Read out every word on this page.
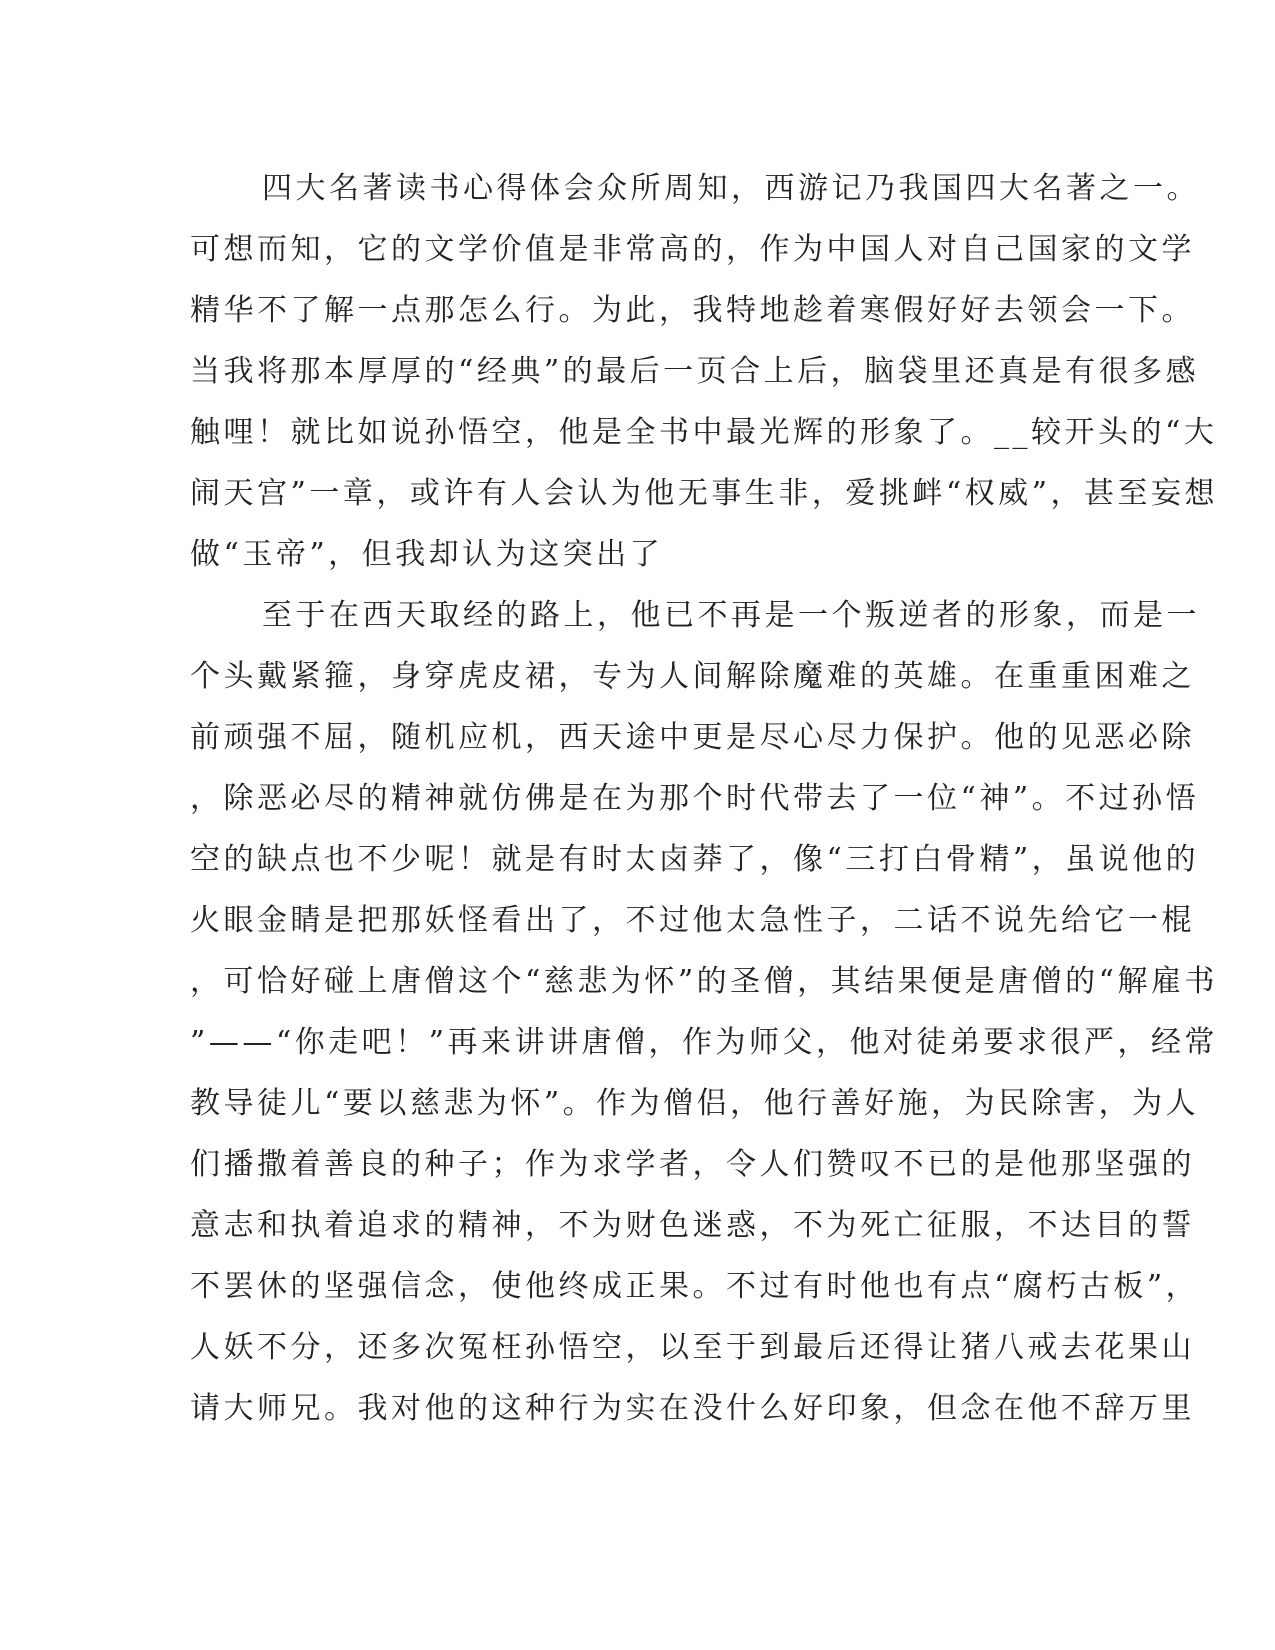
四大名著读书心得体会众所周知，西游记乃我国四大名著之一。
可想而知，它的文学价值是非常高的，作为中国人对自己国家的文学
精华不了解一点那怎么行。为此，我特地趁着寒假好好去领会一下。
当我将那本厚厚的“经典”的最后一页合上后，脑袋里还真是有很多感
触哩！就比如说孙悟空，他是全书中最光辉的形象了。__较开头的“大
闹天宫”一章，或许有人会认为他无事生非，爱挑衅“权威”，甚至妄想
做“玉帝”，但我却认为这突出了
至于在西天取经的路上，他已不再是一个叛逆者的形象，而是一
个头戴紧箍，身穿虎皮裙，专为人间解除魔难的英雄。在重重困难之
前顽强不屈，随机应机，西天途中更是尽心尽力保护。他的见恶必除
，除恶必尽的精神就仿佛是在为那个时代带去了一位“神”。不过孙悟
空的缺点也不少呢！就是有时太卤莽了，像“三打白骨精”，虽说他的
火眼金睛是把那妖怪看出了，不过他太急性子，二话不说先给它一棍
，可恰好碰上唐僧这个“慈悲为怀”的圣僧，其结果便是唐僧的“解雇书
”——“你走吧！”再来讲讲唐僧，作为师父，他对徒弟要求很严，经常
教导徒儿“要以慈悲为怀”。作为僧侣，他行善好施，为民除害，为人
们播撒着善良的种子；作为求学者，令人们赞叹不已的是他那坚强的
意志和执着追求的精神，不为财色迷惑，不为死亡征服，不达目的誓
不罢休的坚强信念，使他终成正果。不过有时他也有点“腐朽古板”，
人妖不分，还多次冤枉孙悟空，以至于到最后还得让猪八戒去花果山
请大师兄。我对他的这种行为实在没什么好印象，但念在他不辞万里
